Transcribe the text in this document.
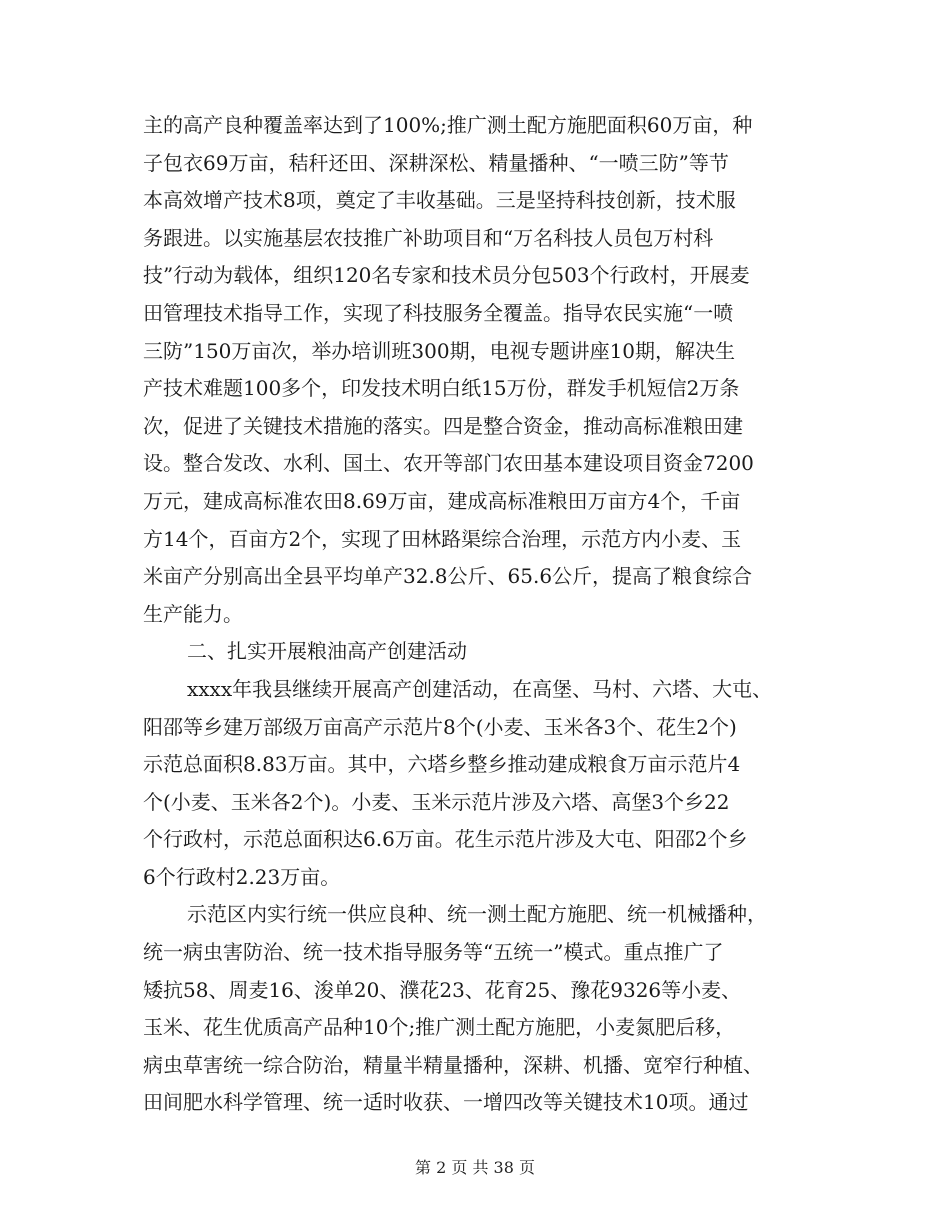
主的高产良种覆盖率达到了100%;推广测土配方施肥面积60万亩，种
子包衣69万亩，秸秆还田、深耕深松、精量播种、“一喷三防”等节
本高效增产技术8项，奠定了丰收基础。三是坚持科技创新，技术服
务跟进。以实施基层农技推广补助项目和“万名科技人员包万村科
技”行动为载体，组织120名专家和技术员分包503个行政村，开展麦
田管理技术指导工作，实现了科技服务全覆盖。指导农民实施“一喷
三防”150万亩次，举办培训班300期，电视专题讲座10期，解决生
产技术难题100多个，印发技术明白纸15万份，群发手机短信2万条
次，促进了关键技术措施的落实。四是整合资金，推动高标准粮田建
设。整合发改、水利、国土、农开等部门农田基本建设项目资金7200
万元，建成高标准农田8.69万亩，建成高标准粮田万亩方4个，千亩
方14个，百亩方2个，实现了田林路渠综合治理，示范方内小麦、玉
米亩产分别高出全县平均单产32.8公斤、65.6公斤，提高了粮食综合
生产能力。
二、扎实开展粮油高产创建活动
xxxx年我县继续开展高产创建活动，在高堡、马村、六塔、大屯、
阳邵等乡建万部级万亩高产示范片8个(小麦、玉米各3个、花生2个)
示范总面积8.83万亩。其中，六塔乡整乡推动建成粮食万亩示范片4
个(小麦、玉米各2个)。小麦、玉米示范片涉及六塔、高堡3个乡22
个行政村，示范总面积达6.6万亩。花生示范片涉及大屯、阳邵2个乡
6个行政村2.23万亩。
示范区内实行统一供应良种、统一测土配方施肥、统一机械播种，
统一病虫害防治、统一技术指导服务等“五统一”模式。重点推广了
矮抗58、周麦16、浚单20、濮花23、花育25、豫花9326等小麦、
玉米、花生优质高产品种10个;推广测土配方施肥，小麦氮肥后移，
病虫草害统一综合防治，精量半精量播种，深耕、机播、宽窄行种植、
田间肥水科学管理、统一适时收获、一增四改等关键技术10项。通过
第 2 页 共 38 页
